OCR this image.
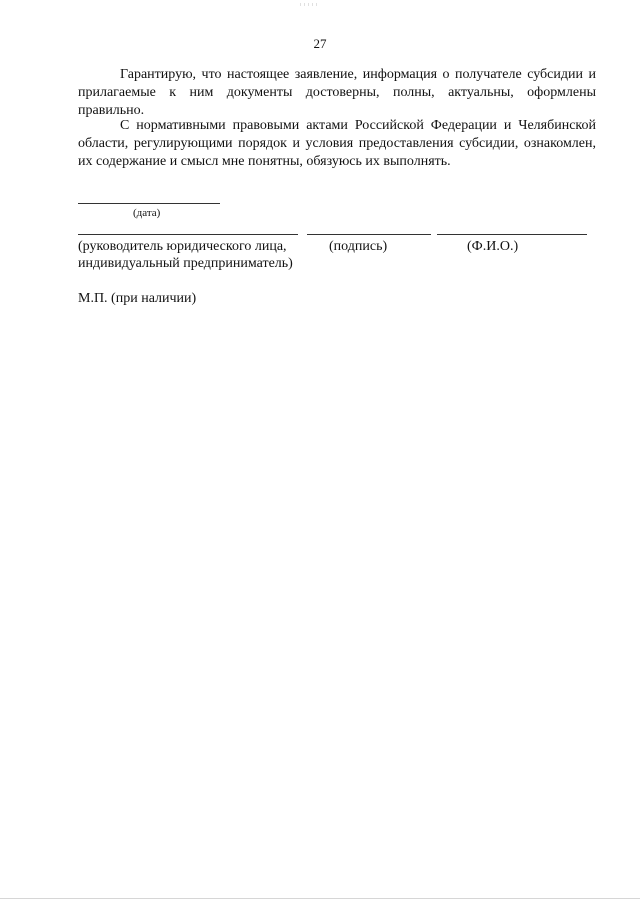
27
Гарантирую, что настоящее заявление, информация о получателе субсидии и прилагаемые к ним документы достоверны, полны, актуальны, оформлены правильно.
С нормативными правовыми актами Российской Федерации и Челябинской области, регулирующими порядок и условия предоставления субсидии, ознакомлен, их содержание и смысл мне понятны, обязуюсь их выполнять.
(дата)
(руководитель юридического лица,
индивидуальный предприниматель)
(подпись)	(Ф.И.О.)
М.П. (при наличии)
